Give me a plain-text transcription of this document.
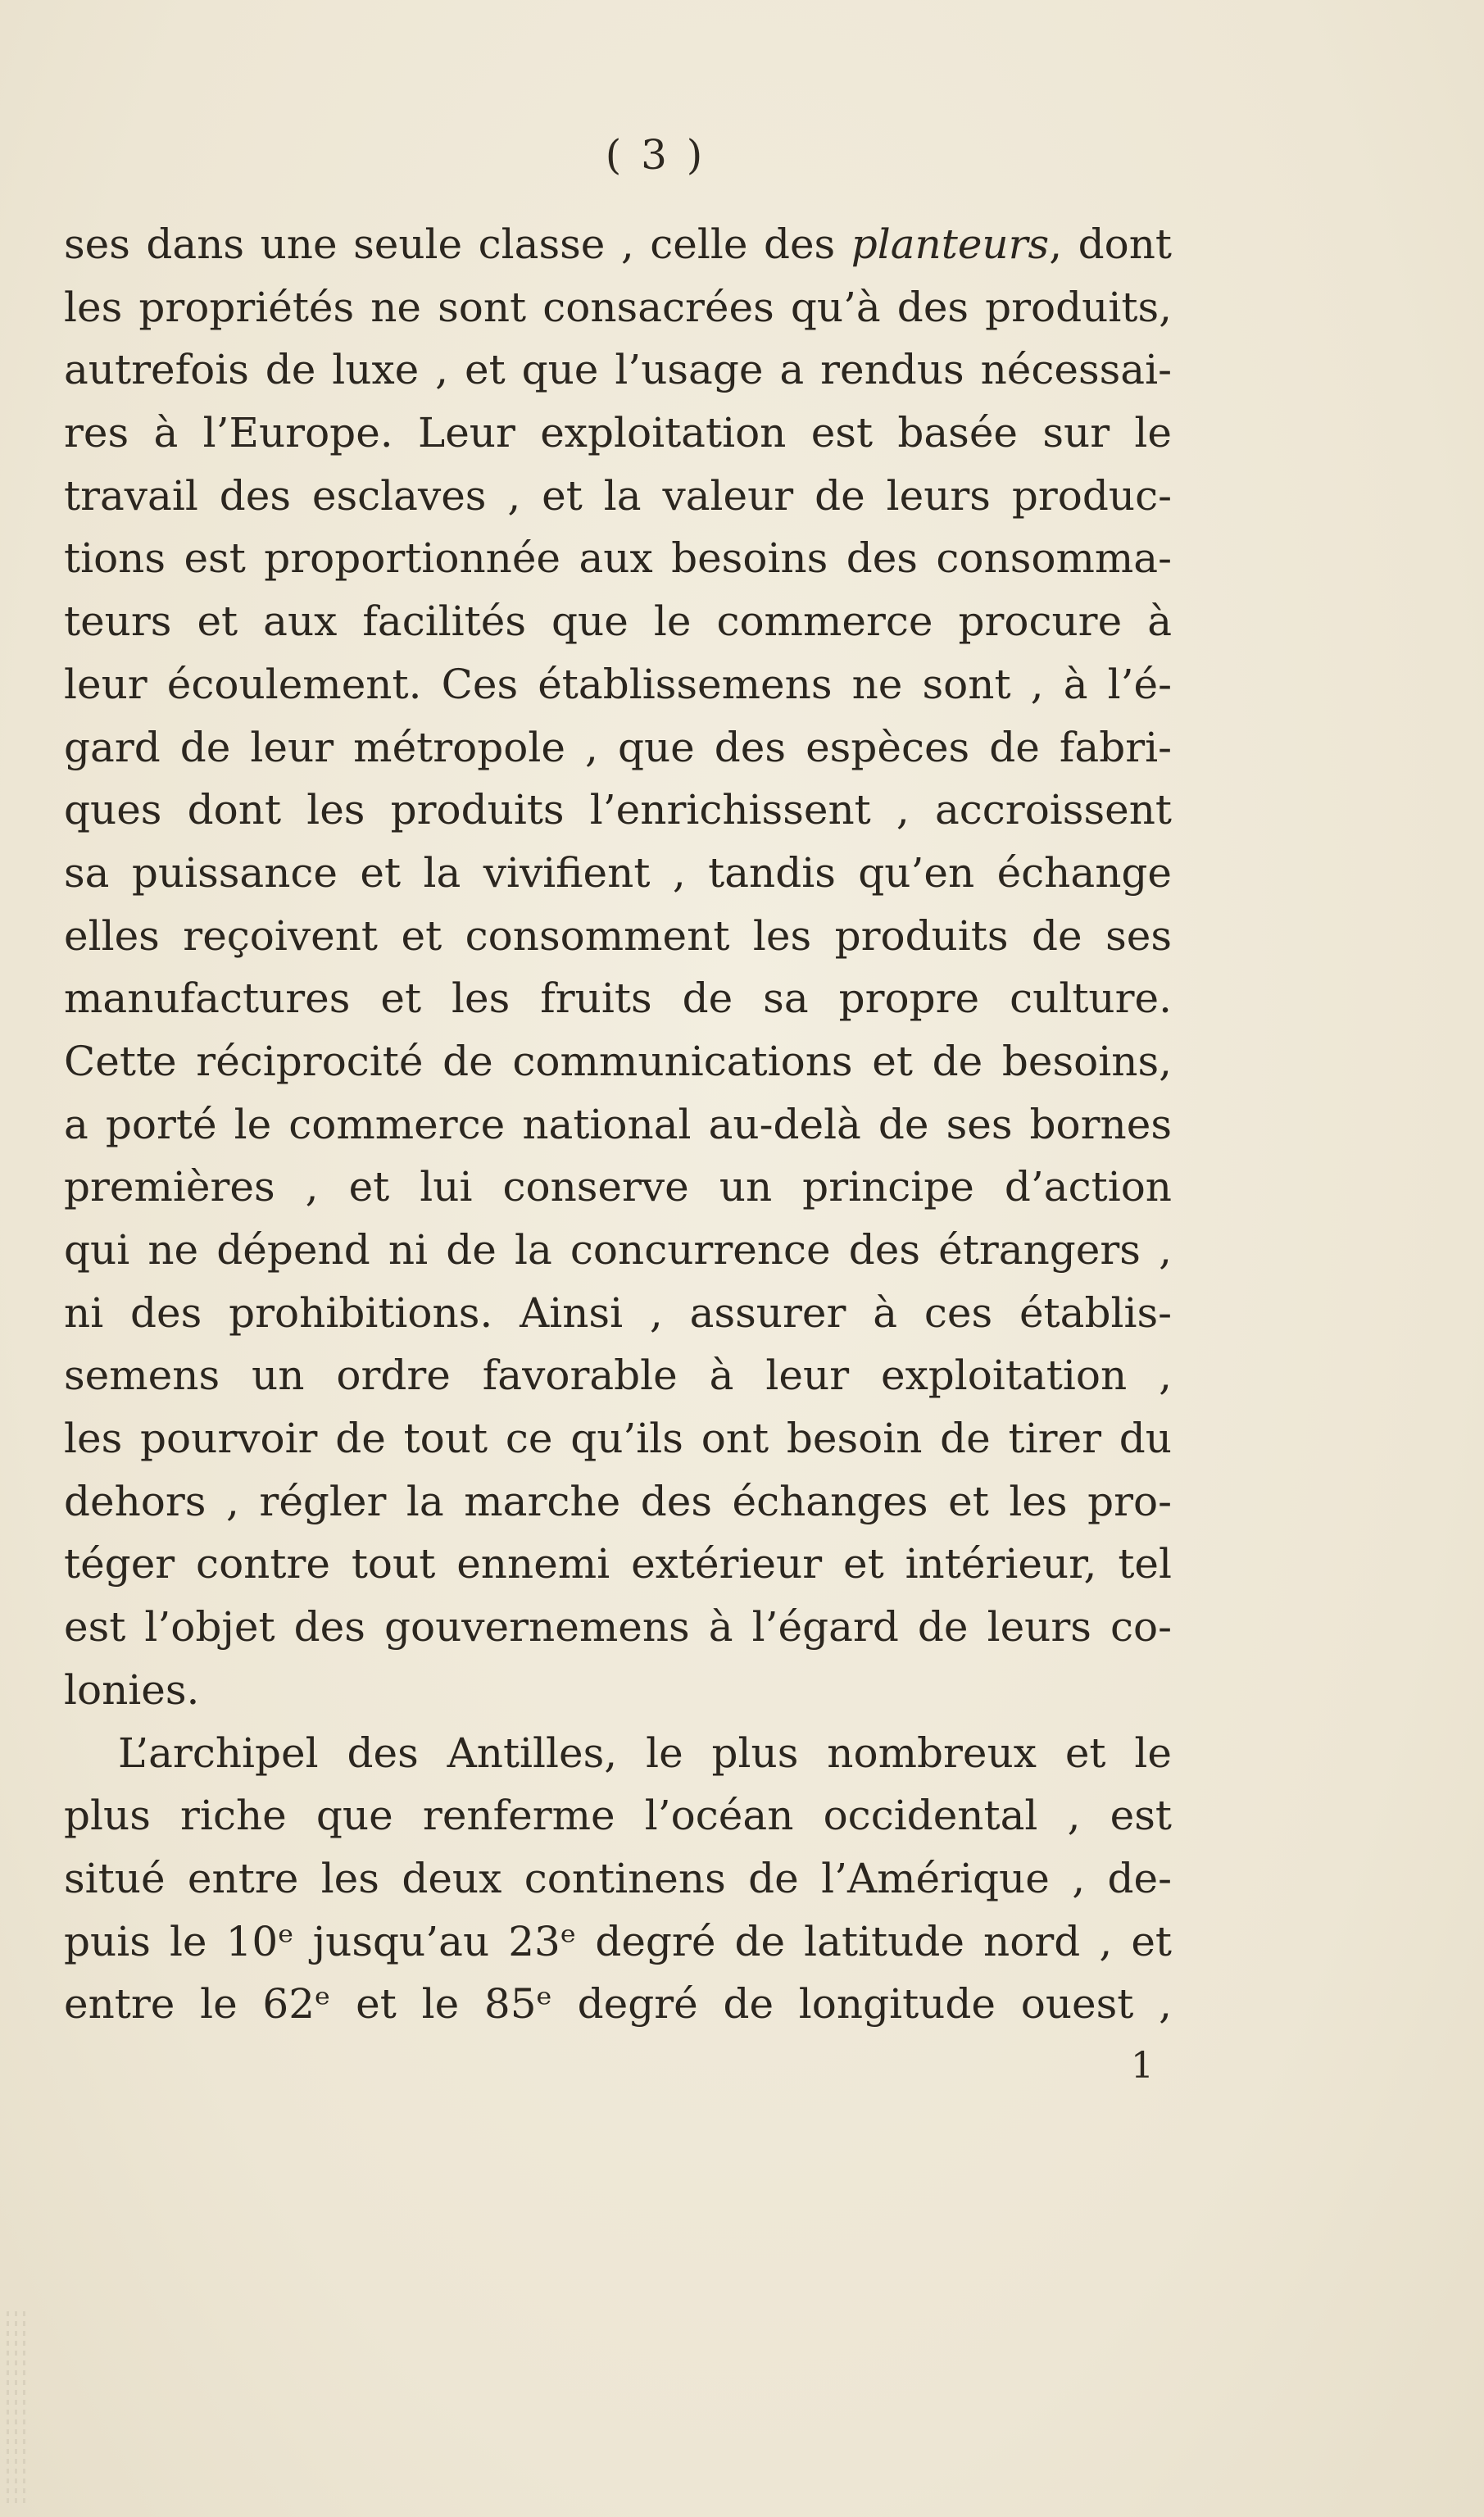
( 3 )
ses dans une seule classe , celle des planteurs, dont
les propriétés ne sont consacrées qu’à des produits,
autrefois de luxe , et que l’usage a rendus nécessai-
res à l’Europe. Leur exploitation est basée sur le
travail des esclaves , et la valeur de leurs produc-
tions est proportionnée aux besoins des consomma-
teurs et aux facilités que le commerce procure à
leur écoulement. Ces établissemens ne sont , à l’é-
gard de leur métropole , que des espèces de fabri-
ques dont les produits l’enrichissent , accroissent
sa puissance et la vivifient , tandis qu’en échange
elles reçoivent et consomment les produits de ses
manufactures et les fruits de sa propre culture.
Cette réciprocité de communications et de besoins,
a porté le commerce national au-delà de ses bornes
premières , et lui conserve un principe d’action
qui ne dépend ni de la concurrence des étrangers ,
ni des prohibitions. Ainsi , assurer à ces établis-
semens un ordre favorable à leur exploitation ,
les pourvoir de tout ce qu’ils ont besoin de tirer du
dehors , régler la marche des échanges et les pro-
téger contre tout ennemi extérieur et intérieur, tel
est l’objet des gouvernemens à l’égard de leurs co-
lonies.
L’archipel des Antilles, le plus nombreux et le
plus riche que renferme l’océan occidental , est
situé entre les deux continens de l’Amérique , de-
puis le 10ᵉ jusqu’au 23ᵉ degré de latitude nord , et
entre le 62ᵉ et le 85ᵉ degré de longitude ouest ,
1
